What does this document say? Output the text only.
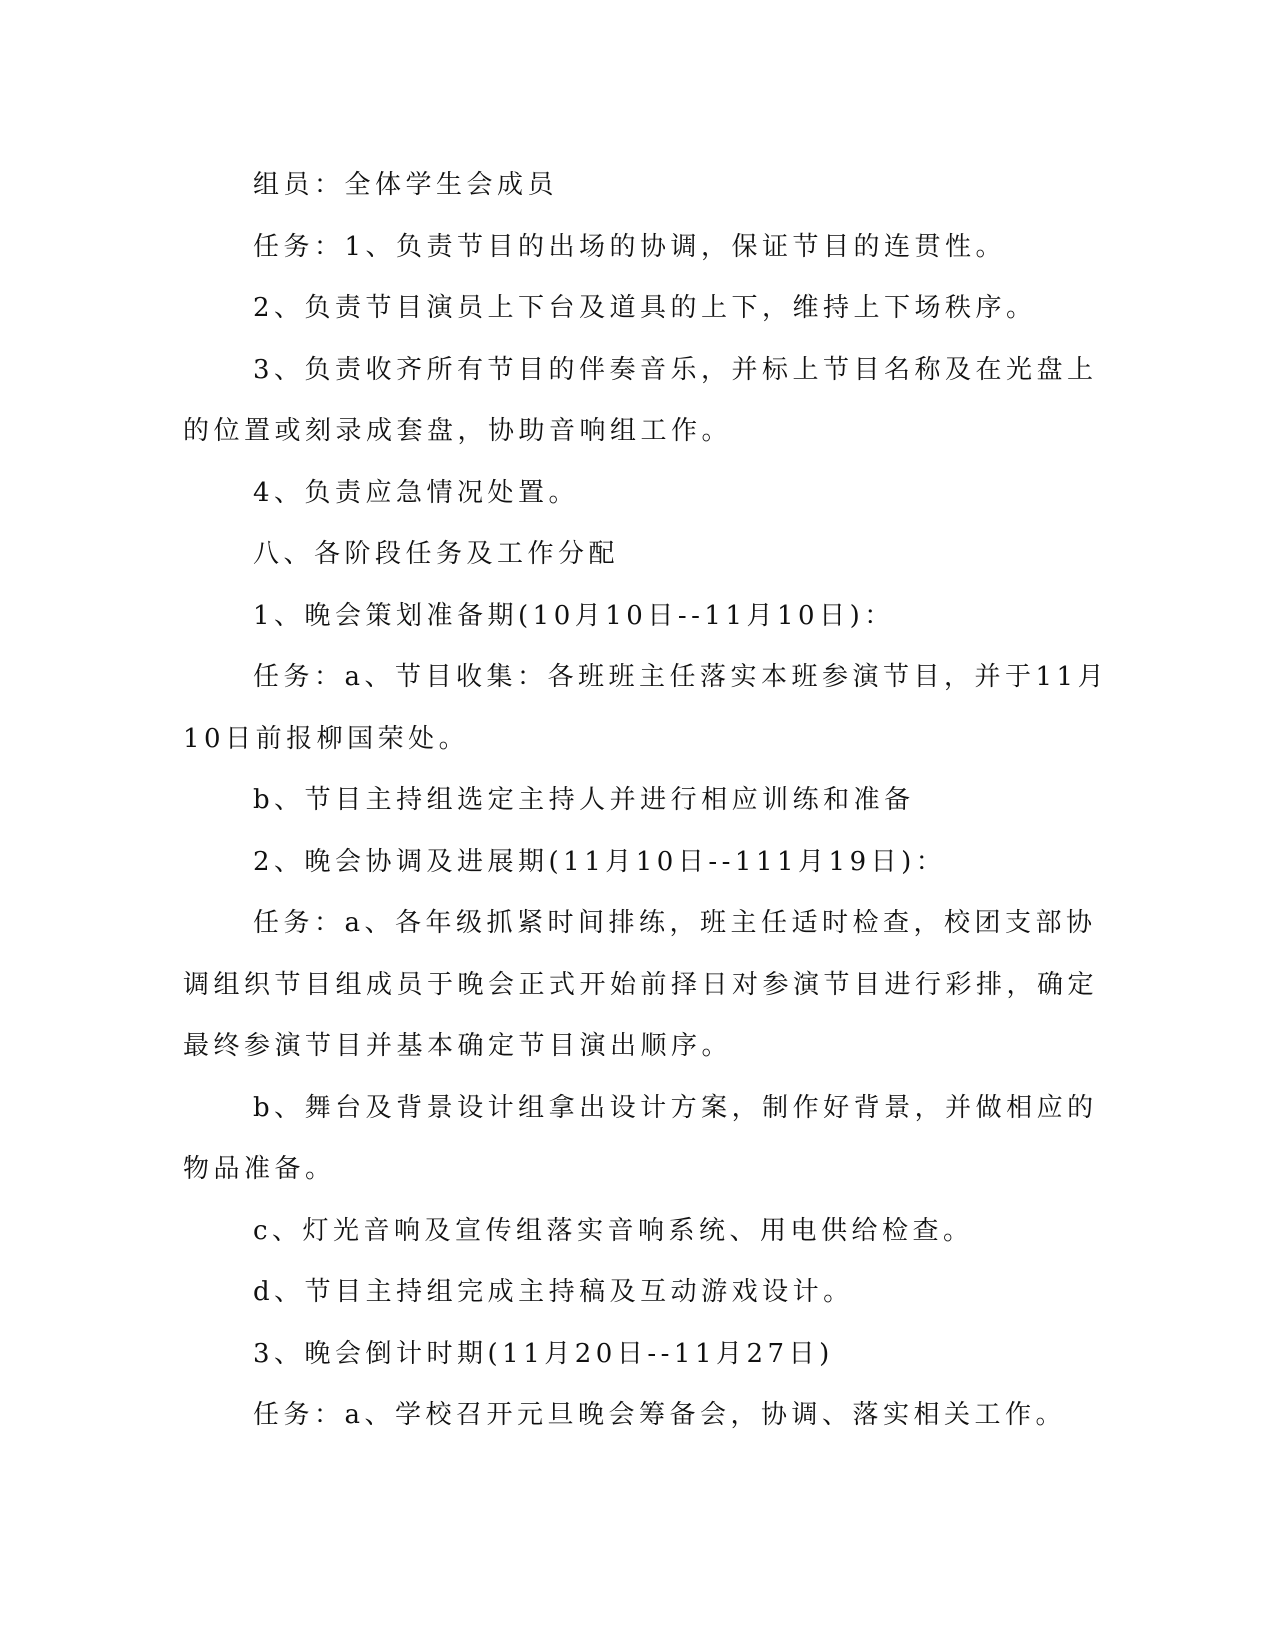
组员：全体学生会成员
任务：1、负责节目的出场的协调，保证节目的连贯性。
2、负责节目演员上下台及道具的上下，维持上下场秩序。
3、负责收齐所有节目的伴奏音乐，并标上节目名称及在光盘上
的位置或刻录成套盘，协助音响组工作。
4、负责应急情况处置。
八、各阶段任务及工作分配
1、晚会策划准备期(10月10日--11月10日)：
任务：a、节目收集：各班班主任落实本班参演节目，并于11月
10日前报柳国荣处。
b、节目主持组选定主持人并进行相应训练和准备
2、晚会协调及进展期(11月10日--111月19日)：
任务：a、各年级抓紧时间排练，班主任适时检查，校团支部协
调组织节目组成员于晚会正式开始前择日对参演节目进行彩排，确定
最终参演节目并基本确定节目演出顺序。
b、舞台及背景设计组拿出设计方案，制作好背景，并做相应的
物品准备。
c、灯光音响及宣传组落实音响系统、用电供给检查。
d、节目主持组完成主持稿及互动游戏设计。
3、晚会倒计时期(11月20日--11月27日)
任务：a、学校召开元旦晚会筹备会，协调、落实相关工作。
